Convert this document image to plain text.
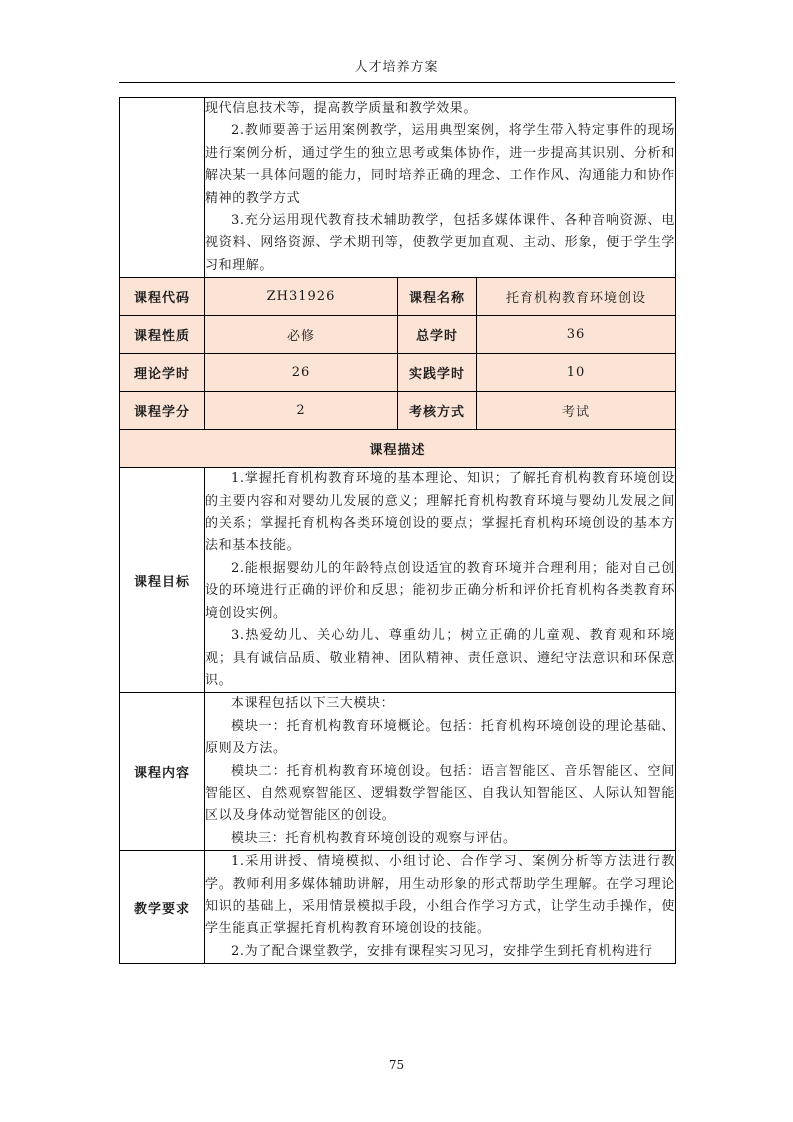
人才培养方案

	现代信息技术等，提高教学质量和教学效果。

2.教师要善于运用案例教学，运用典型案例，将学生带入特定事件的现场进行案例分析，通过学生的独立思考或集体协作，进一步提高其识别、分析和解决某一具体问题的能力，同时培养正确的理念、工作作风、沟通能力和协作精神的教学方式

3.充分运用现代教育技术辅助教学，包括多媒体课件、各种音响资源、电视资料、网络资源、学术期刊等，使教学更加直观、主动、形象，便于学生学习和理解。		

课程代码	ZH31926	课程名称	托育机构教育环境创设
课程性质	必修	总学时	36
理论学时	26	实践学时	10
课程学分	2	考核方式	考试
课程描述			
课程目标	1.掌握托育机构教育环境的基本理论、知识；了解托育机构教育环境创设的主要内容和对婴幼儿发展的意义；理解托育机构教育环境与婴幼儿发展之间的关系；掌握托育机构各类环境创设的要点；掌握托育机构环境创设的基本方法和基本技能。

2.能根据婴幼儿的年龄特点创设适宜的教育环境并合理利用；能对自己创设的环境进行正确的评价和反思；能初步正确分析和评价托育机构各类教育环境创设实例。

3.热爱幼儿、关心幼儿、尊重幼儿；树立正确的儿童观、教育观和环境观；具有诚信品质、敬业精神、团队精神、责任意识、遵纪守法意识和环保意识。		

课程内容	本课程包括以下三大模块：

模块一：托育机构教育环境概论。包括：托育机构环境创设的理论基础、原则及方法。

模块二：托育机构教育环境创设。包括：语言智能区、音乐智能区、空间智能区、自然观察智能区、逻辑数学智能区、自我认知智能区、人际认知智能区以及身体动觉智能区的创设。

模块三：托育机构教育环境创设的观察与评估。		

教学要求	1.采用讲授、情境模拟、小组讨论、合作学习、案例分析等方法进行教学。教师利用多媒体辅助讲解，用生动形象的形式帮助学生理解。在学习理论知识的基础上，采用情景模拟手段，小组合作学习方式，让学生动手操作，使学生能真正掌握托育机构教育环境创设的技能。

2.为了配合课堂教学，安排有课程实习见习，安排学生到托育机构进行		

75
